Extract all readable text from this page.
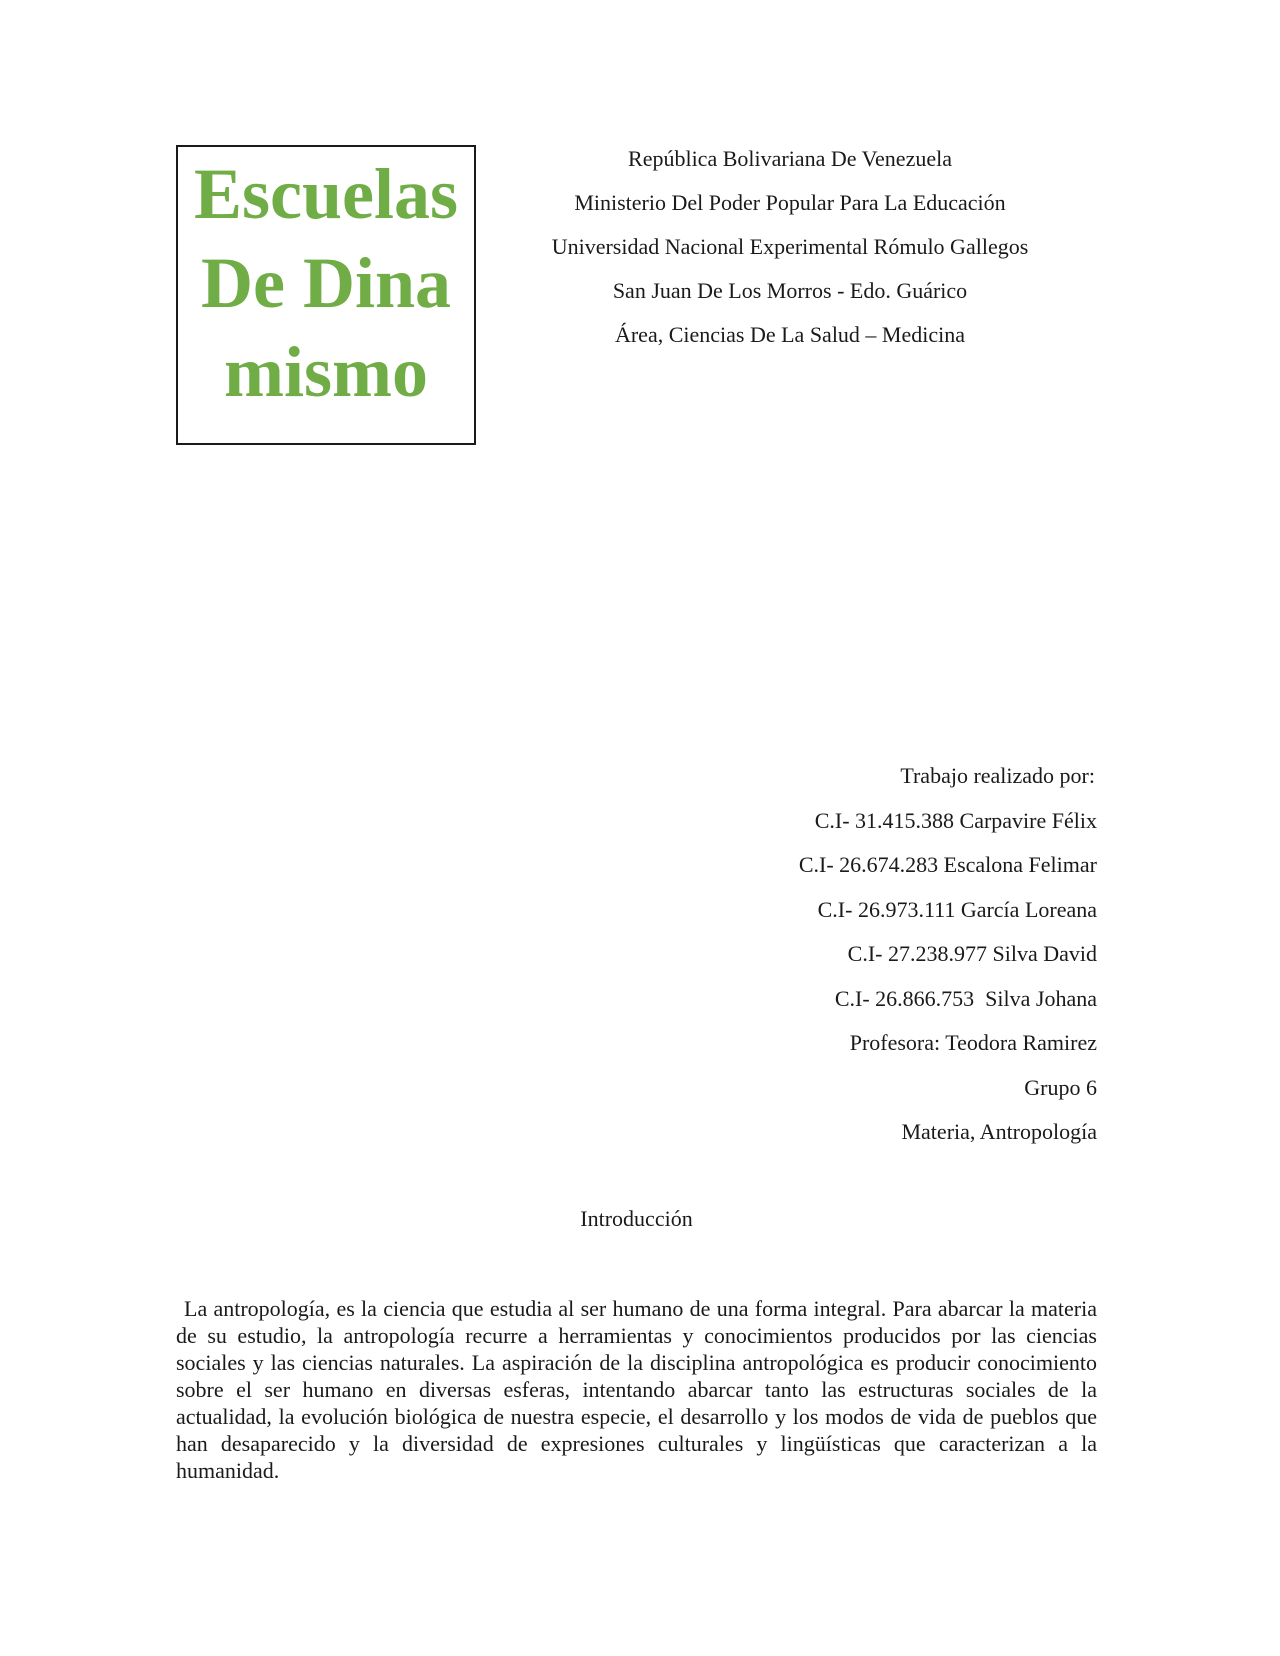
Escuelas De Dinamismo
República Bolivariana De Venezuela
Ministerio Del Poder Popular Para La Educación
Universidad Nacional Experimental Rómulo Gallegos
San Juan De Los Morros - Edo. Guárico
Área, Ciencias De La Salud – Medicina
Trabajo realizado por:
C.I- 31.415.388 Carpavire Félix
C.I- 26.674.283 Escalona Felimar
C.I- 26.973.111 García Loreana
C.I- 27.238.977 Silva David
C.I- 26.866.753  Silva Johana
Profesora: Teodora Ramirez
Grupo 6
Materia, Antropología
Introducción
La antropología, es la ciencia que estudia al ser humano de una forma integral. Para abarcar la materia de su estudio, la antropología recurre a herramientas y conocimientos producidos por las ciencias sociales y las ciencias naturales. La aspiración de la disciplina antropológica es producir conocimiento sobre el ser humano en diversas esferas, intentando abarcar tanto las estructuras sociales de la actualidad, la evolución biológica de nuestra especie, el desarrollo y los modos de vida de pueblos que han desaparecido y la diversidad de expresiones culturales y lingüísticas que caracterizan a la humanidad.
